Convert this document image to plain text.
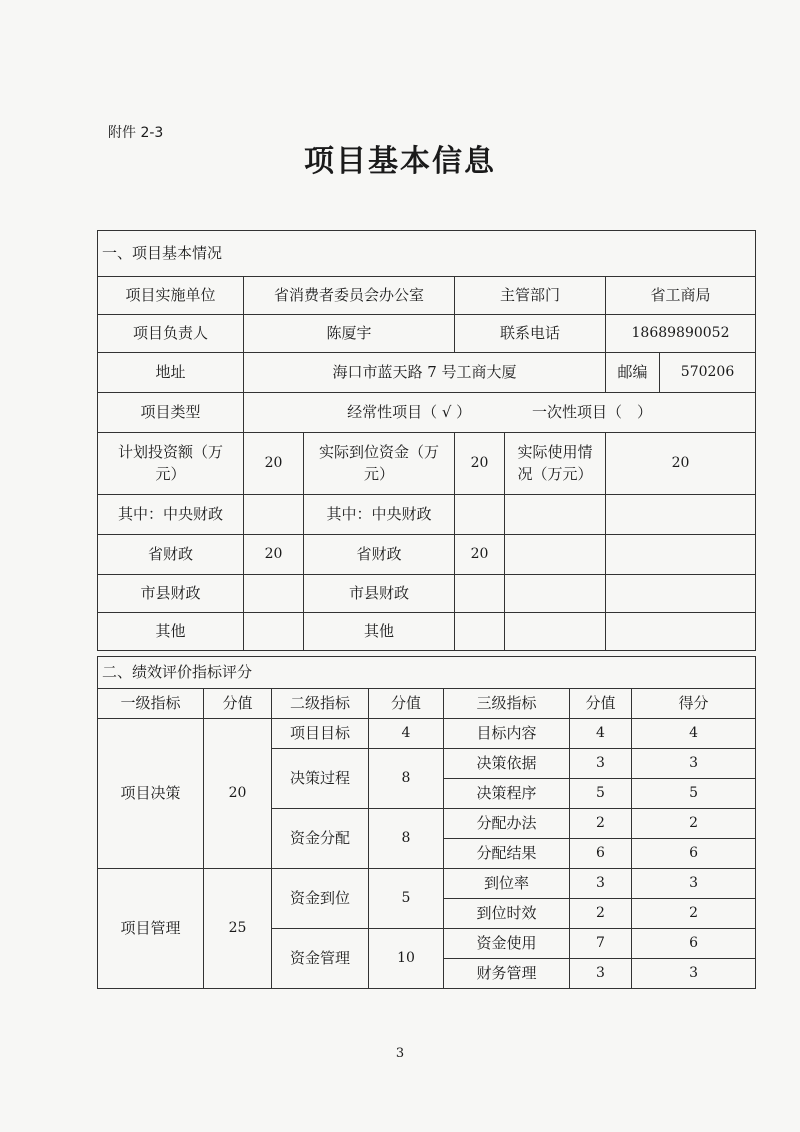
附件 2-3
项目基本信息
一、项目基本情况						
项目实施单位	省消费者委员会办公室		主管部门		省工商局	
项目负责人	陈厦宇		联系电话		18689890052	
地址	海口市蓝天路 7 号工商大厦				邮编	570206
项目类型	经常性项目（ √ ） 一次性项目（　）					
计划投资额（万元）	20	实际到位资金（万元）	20	实际使用情况（万元）	20	
其中：中央财政		其中：中央财政				
省财政	20	省财政	20			
市县财政		市县财政				
其他		其他				
二、绩效评价指标评分						
一级指标	分值	二级指标	分值	三级指标	分值	得分
项目决策	20	项目目标	4	目标内容	4	4
		决策过程	8	决策依据	3	3
				决策程序	5	5
		资金分配	8	分配办法	2	2
				分配结果	6	6
项目管理	25	资金到位	5	到位率	3	3
				到位时效	2	2
		资金管理	10	资金使用	7	6
				财务管理	3	3
3
